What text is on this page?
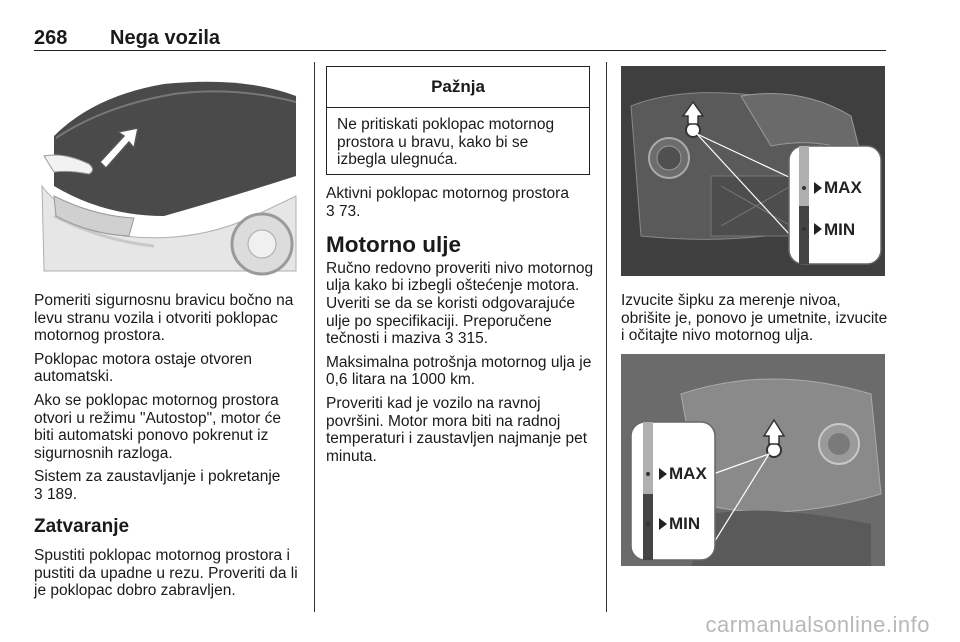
268 Nega vozila

Pomeriti sigurnosnu bravicu bočno na levu stranu vozila i otvoriti poklopac motornog prostora.

Poklopac motora ostaje otvoren automatski.

Ako se poklopac motornog prostora otvori u režimu "Autostop", motor će biti automatski ponovo pokrenut iz sigurnosnih razloga.

Sistem za zaustavljanje i pokretanje
3 189.

Zatvaranje

Spustiti poklopac motornog prostora i pustiti da upadne u rezu. Proveriti da li je poklopac dobro zabravljen.

Pažnja
Ne pritiskati poklopac motornog prostora u bravu, kako bi se izbegla ulegnuća.

Aktivni poklopac motornog prostora
3 73.

Motorno ulje

Ručno redovno proveriti nivo motornog ulja kako bi izbegli oštećenje motora. Uveriti se da se koristi odgovarajuće ulje po specifikaciji. Preporučene tečnosti i maziva 3 315.

Maksimalna potrošnja motornog ulja je 0,6 litara na 1000 km.

Proveriti kad je vozilo na ravnoj površini. Motor mora biti na radnoj temperaturi i zaustavljen najmanje pet minuta.

MAX
MIN

Izvucite šipku za merenje nivoa, obrišite je, ponovo je umetnite, izvucite i očitajte nivo motornog ulja.

MAX
MIN
carmanualsonline.info
